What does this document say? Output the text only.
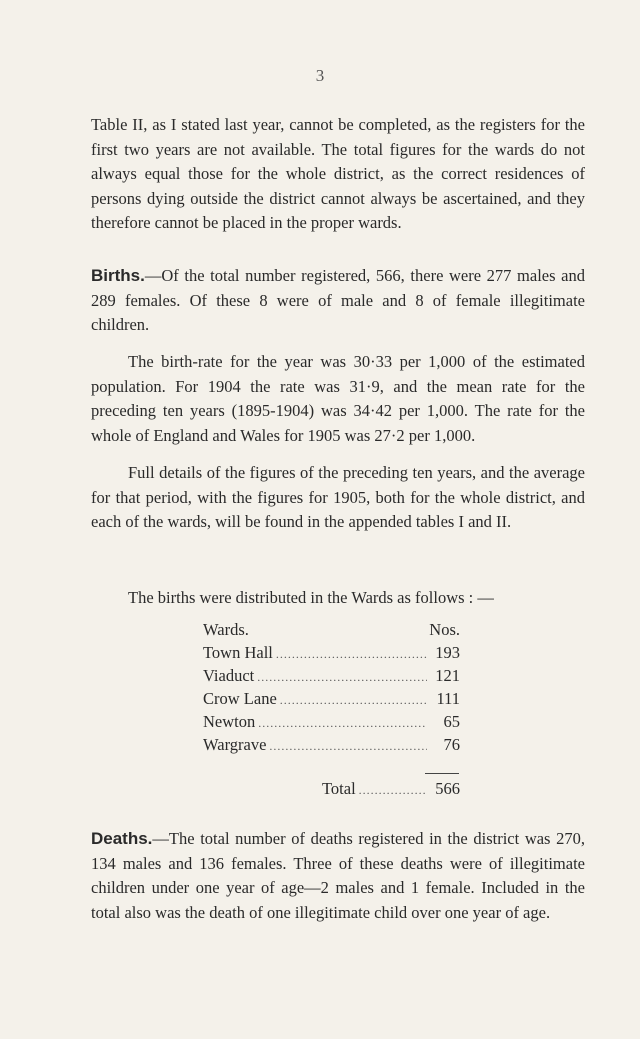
3

Table II, as I stated last year, cannot be completed, as the registers for the first two years are not available. The total figures for the wards do not always equal those for the whole district, as the correct residences of persons dying outside the district cannot always be ascertained, and they therefore cannot be placed in the proper wards.

Births.—Of the total number registered, 566, there were 277 males and 289 females. Of these 8 were of male and 8 of female illegitimate children.

The birth-rate for the year was 30·33 per 1,000 of the estimated population. For 1904 the rate was 31·9, and the mean rate for the preceding ten years (1895-1904) was 34·42 per 1,000. The rate for the whole of England and Wales for 1905 was 27·2 per 1,000.

Full details of the figures of the preceding ten years, and the average for that period, with the figures for 1905, both for the whole district, and each of the wards, will be found in the appended tables I and II.

The births were distributed in the Wards as follows : —

Wards.	Nos.
Town Hall .....	193
Viaduct .....	121
Crow Lane .....	111
Newton .....	65
Wargrave .....	76
Total .....	566

Deaths.—The total number of deaths registered in the district was 270, 134 males and 136 females. Three of these deaths were of illegitimate children under one year of age—2 males and 1 female. Included in the total also was the death of one illegitimate child over one year of age.
